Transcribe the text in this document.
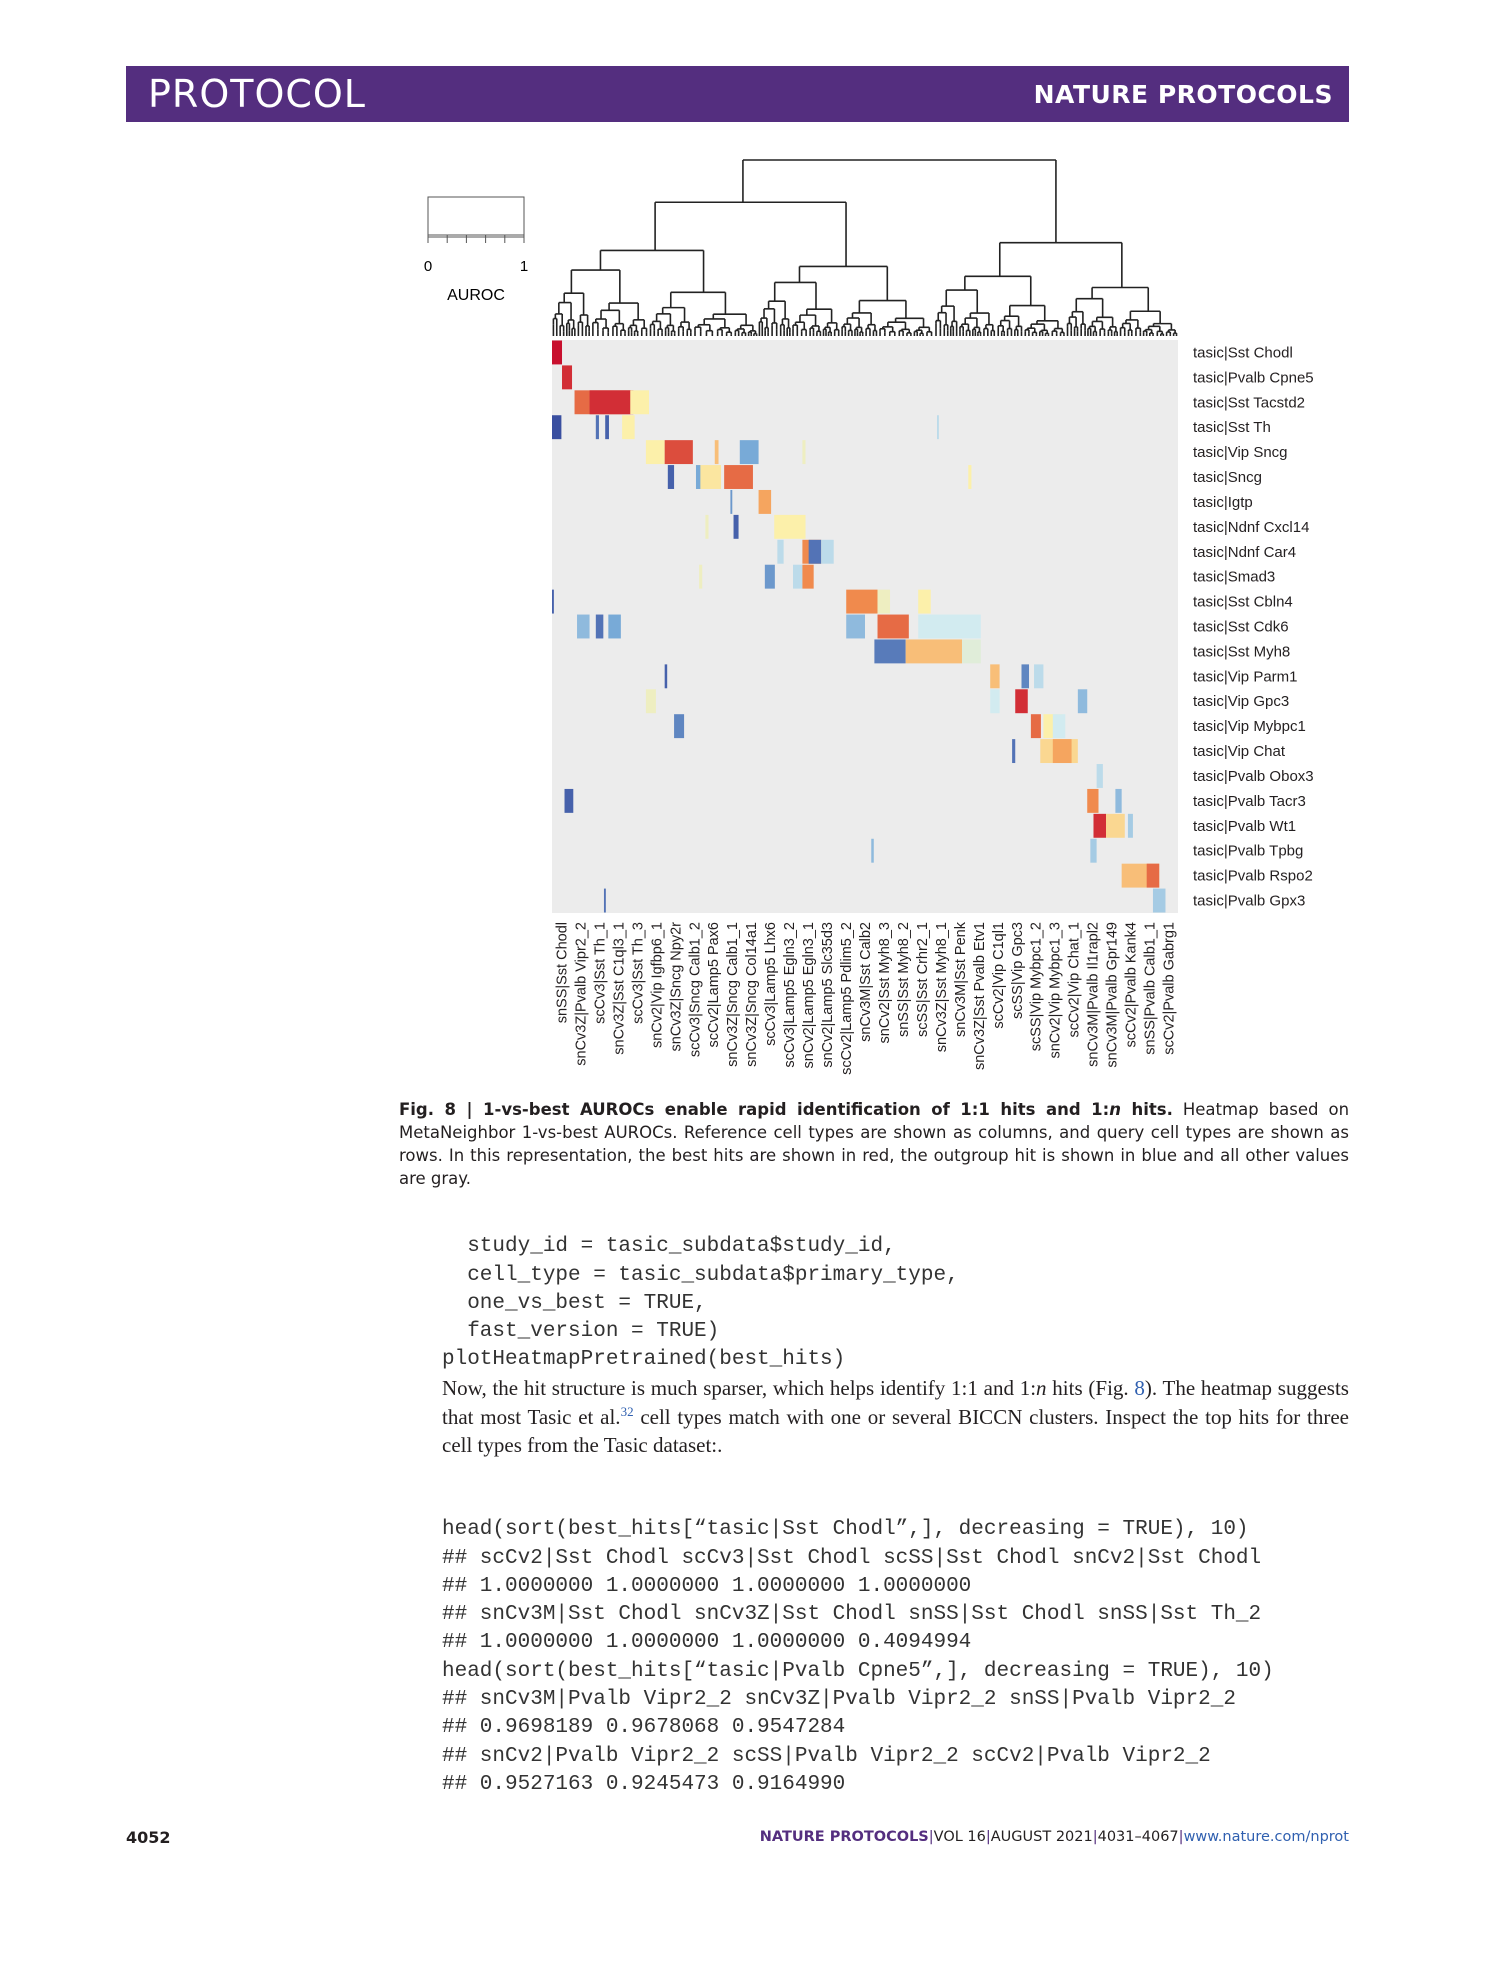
PROTOCOL	NATURE PROTOCOLS
0	1
AUROC
tasic|Sst Chodl
tasic|Pvalb Cpne5
tasic|Sst Tacstd2
tasic|Sst Th
tasic|Vip Sncg
tasic|Sncg
tasic|Igtp
tasic|Ndnf Cxcl14
tasic|Ndnf Car4
tasic|Smad3
tasic|Sst Cbln4
tasic|Sst Cdk6
tasic|Sst Myh8
tasic|Vip Parm1
tasic|Vip Gpc3
tasic|Vip Mybpc1
tasic|Vip Chat
tasic|Pvalb Obox3
tasic|Pvalb Tacr3
tasic|Pvalb Wt1
tasic|Pvalb Tpbg
tasic|Pvalb Rspo2
tasic|Pvalb Gpx3
snSS|Sst Chodl snCv3Z|Pvalb Vipr2_2 scCv3|Sst Th_1 snCv3Z|Sst C1ql3_1 scCv3|Sst Th_3 snCv2|Vip Igfbp6_1 snCv3Z|Sncg Npy2r scCv3|Sncg Calb1_2 scCv2|Lamp5 Pax6 snCv3Z|Sncg Calb1_1 snCv3Z|Sncg Col14a1 scCv3|Lamp5 Lhx6 scCv3|Lamp5 Egln3_2 snCv2|Lamp5 Egln3_1 snCv2|Lamp5 Slc35d3 scCv2|Lamp5 Pdlim5_2 snCv3M|Sst Calb2 snCv2|Sst Myh8_3 snSS|Sst Myh8_2 scSS|Sst Crhr2_1 snCv3Z|Sst Myh8_1 snCv3M|Sst Penk snCv3Z|Sst Pvalb Etv1 scCv2|Vip C1ql1 scSS|Vip Gpc3 scSS|Vip Mybpc1_2 snCv2|Vip Mybpc1_3 scCv2|Vip Chat_1 snCv3M|Pvalb Il1rapl2 snCv3M|Pvalb Gpr149 scCv2|Pvalb Kank4 snSS|Pvalb Calb1_1 scCv2|Pvalb Gabrg1
Fig. 8 | 1-vs-best AUROCs enable rapid identification of 1:1 hits and 1:n hits. Heatmap based on MetaNeighbor 1-vs-best AUROCs. Reference cell types are shown as columns, and query cell types are shown as rows. In this representation, the best hits are shown in red, the outgroup hit is shown in blue and all other values are gray.

study_id = tasic_subdata$study_id,
cell_type = tasic_subdata$primary_type,
one_vs_best = TRUE,
fast_version = TRUE)
plotHeatmapPretrained(best_hits)

Now, the hit structure is much sparser, which helps identify 1:1 and 1:n hits (Fig. 8). The heatmap suggests that most Tasic et al.$^{32}$ cell types match with one or several BICCN clusters. Inspect the top hits for three cell types from the Tasic dataset:.

head(sort(best_hits[“tasic|Sst Chodl”,], decreasing = TRUE), 10)
## scCv2|Sst Chodl scCv3|Sst Chodl scSS|Sst Chodl snCv2|Sst Chodl
## 1.0000000 1.0000000 1.0000000 1.0000000
## snCv3M|Sst Chodl snCv3Z|Sst Chodl snSS|Sst Chodl snSS|Sst Th_2
## 1.0000000 1.0000000 1.0000000 0.4094994
head(sort(best_hits[“tasic|Pvalb Cpne5”,], decreasing = TRUE), 10)
## snCv3M|Pvalb Vipr2_2 snCv3Z|Pvalb Vipr2_2 snSS|Pvalb Vipr2_2
## 0.9698189 0.9678068 0.9547284
## snCv2|Pvalb Vipr2_2 scSS|Pvalb Vipr2_2 scCv2|Pvalb Vipr2_2
## 0.9527163 0.9245473 0.9164990

4052	NATURE PROTOCOLS|VOL 16|AUGUST 2021|4031–4067|www.nature.com/nprot
